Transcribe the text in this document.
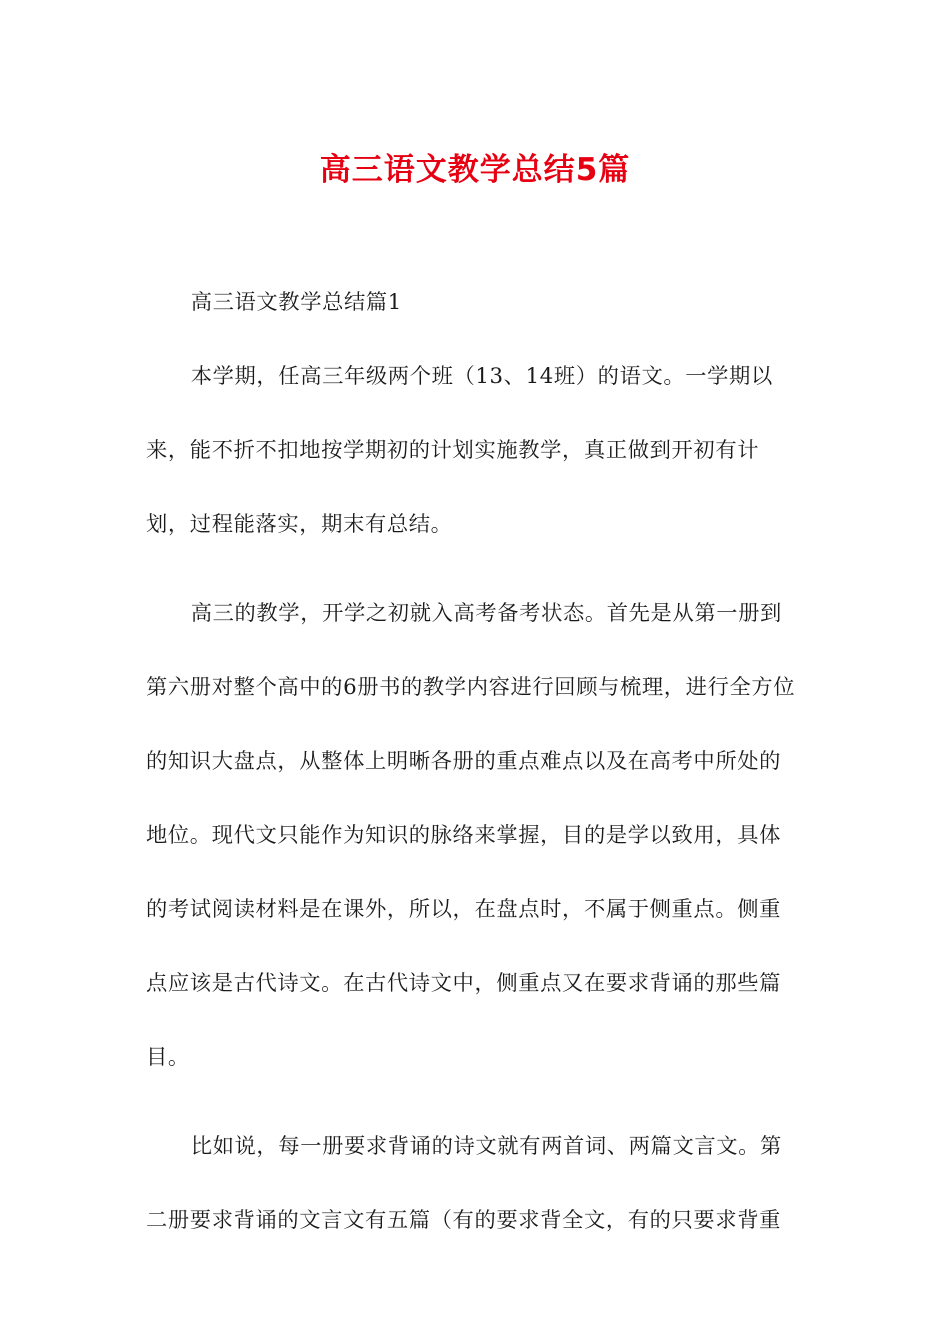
高三语文教学总结5篇

高三语文教学总结篇1

本学期，任高三年级两个班（13、14班）的语文。一学期以来，能不折不扣地按学期初的计划实施教学，真正做到开初有计划，过程能落实，期末有总结。

高三的教学，开学之初就入高考备考状态。首先是从第一册到第六册对整个高中的6册书的教学内容进行回顾与梳理，进行全方位的知识大盘点，从整体上明晰各册的重点难点以及在高考中所处的地位。现代文只能作为知识的脉络来掌握，目的是学以致用，具体的考试阅读材料是在课外，所以，在盘点时，不属于侧重点。侧重点应该是古代诗文。在古代诗文中，侧重点又在要求背诵的那些篇目。

比如说，每一册要求背诵的诗文就有两首词、两篇文言文。第二册要求背诵的文言文有五篇（有的要求背全文，有的只要求背重
